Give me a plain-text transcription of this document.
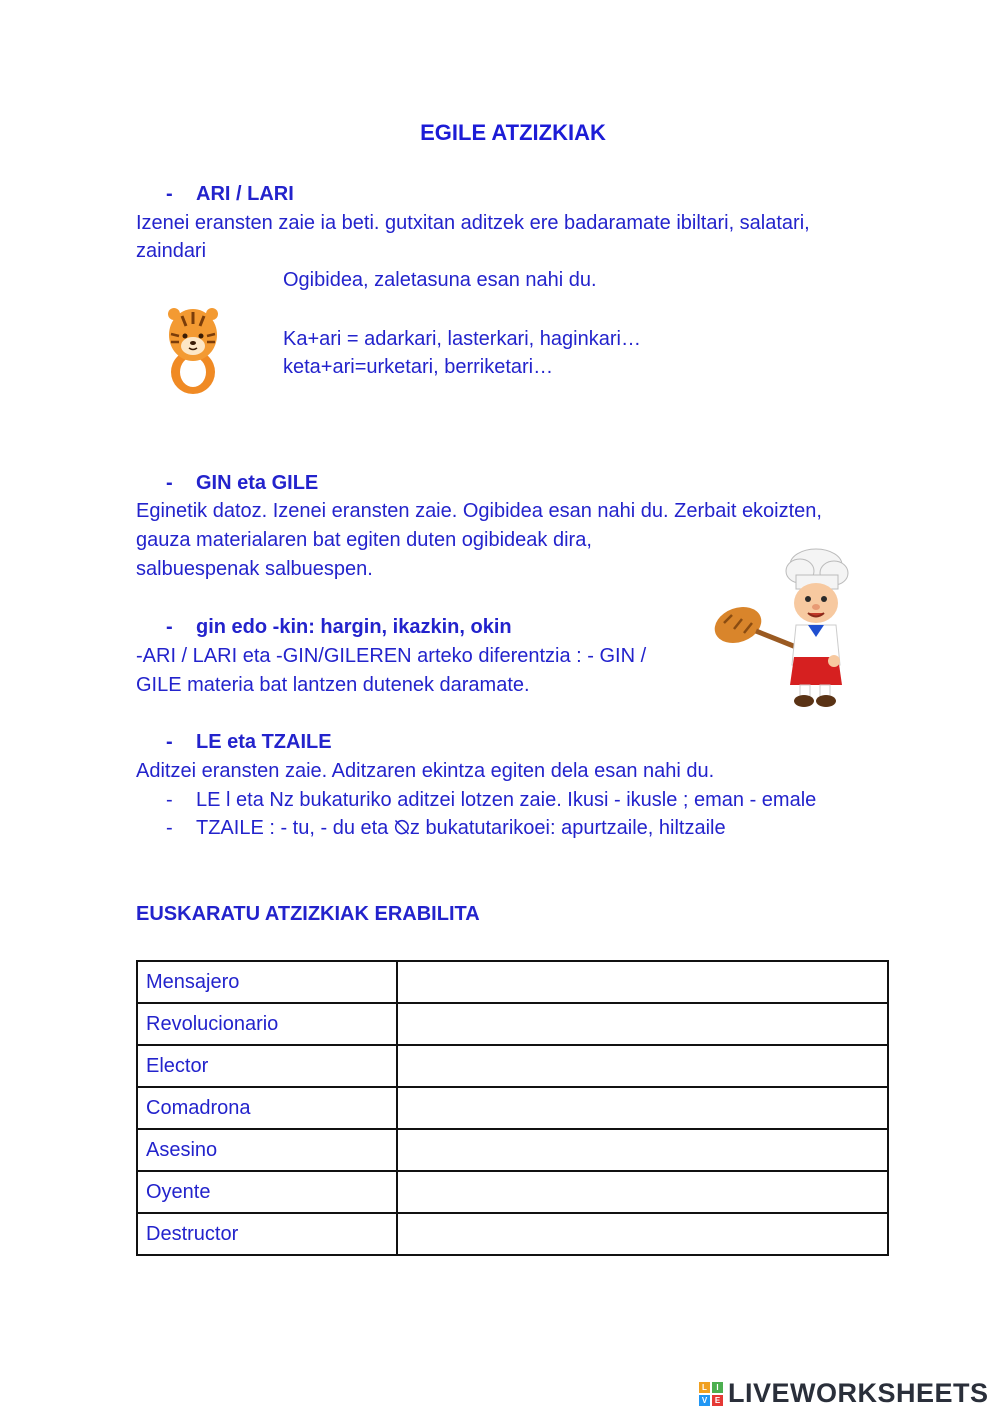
EGILE ATZIZKIAK
- ARI / LARI
Izenei eransten zaie ia beti. gutxitan aditzek ere badaramate ibiltari, salatari,
zaindari
Ogibidea, zaletasuna esan nahi du.
Ka+ari = adarkari, lasterkari, haginkari…
keta+ari=urketari, berriketari…
- GIN eta GILE
Eginetik datoz. Izenei eransten zaie. Ogibidea esan nahi du. Zerbait ekoizten,
gauza materialaren bat egiten duten ogibideak dira,
salbuespenak salbuespen.
- gin edo -kin: hargin, ikazkin, okin
-ARI / LARI eta -GIN/GILEREN arteko diferentzia : - GIN /
GILE materia bat lantzen dutenek daramate.
- LE eta TZAILE
Aditzei eransten zaie. Aditzaren ekintza egiten dela esan nahi du.
- LE l eta Nz bukaturiko aditzei lotzen zaie. Ikusi - ikusle ; eman - emale
- TZAILE : - tu, - du eta ⦰z bukatutarikoei: apurtzaile, hiltzaile
EUSKARATU ATZIZKIAK ERABILITA
Mensajero	

Revolucionario	

Elector	

Comadrona	

Asesino	

Oyente	

Destructor	
L	I
V E LIVEWORKSHEETS
